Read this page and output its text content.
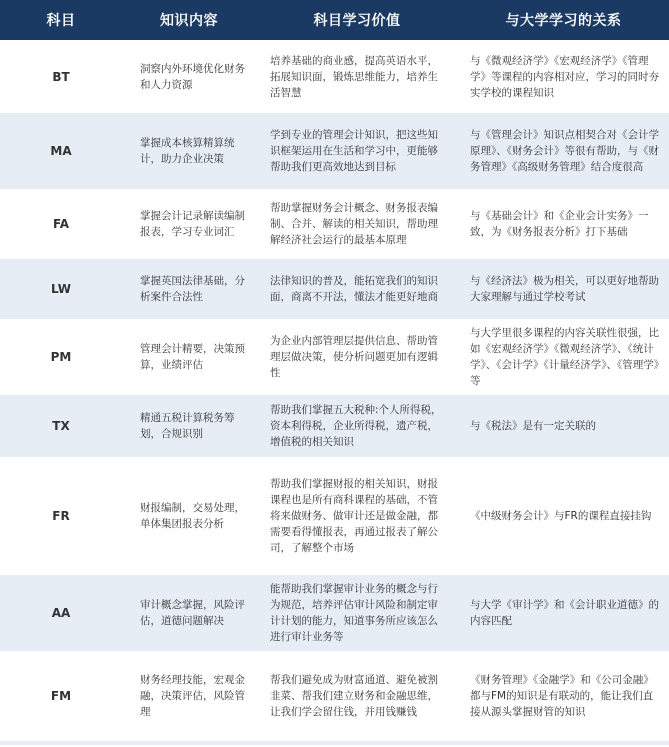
科目	知识内容	科目学习价值	与大学学习的关系
BT	洞察内外环境优化财务和人力资源	培养基础的商业感，提高英语水平，拓展知识面，锻炼思维能力，培养生活智慧	与《微观经济学》《宏观经济学》《管理学》等课程的内容相对应，学习的同时夯实学校的课程知识
MA	掌握成本核算精算统计，助力企业决策	学到专业的管理会计知识，把这些知识框架运用在生活和学习中，更能够帮助我们更高效地达到目标	与《管理会计》知识点相契合对《会计学原理》、《财务会计》等很有帮助，与《财务管理》《高级财务管理》结合度很高
FA	掌握会计记录解读编制报表，学习专业词汇	帮助掌握财务会计概念、财务报表编制、合并、解读的相关知识，帮助理解经济社会运行的最基本原理	与《基础会计》和《企业会计实务》一致，为《财务报表分析》打下基础
LW	掌握英国法律基础，分析案件合法性	法律知识的普及，能拓宽我们的知识面，商离不开法，懂法才能更好地商	与《经济法》极为相关，可以更好地帮助大家理解与通过学校考试
PM	管理会计精要，决策预算，业绩评估	为企业内部管理层提供信息、帮助管理层做决策，使分析问题更加有逻辑性	与大学里很多课程的内容关联性很强，比如《宏观经济学》《微观经济学》、《统计学》、《会计学》《计量经济学》、《管理学》等
TX	精通五税计算税务筹划，合规识别	帮助我们掌握五大税种:个人所得税，资本利得税，企业所得税，遗产税，增值税的相关知识	与《税法》是有一定关联的
FR	财报编制，交易处理，单体集团报表分析	帮助我们掌握财报的相关知识，财报课程也是所有商科课程的基础，不管将来做财务、做审计还是做金融，都需要看得懂报表，再通过报表了解公司，了解整个市场	《中级财务会计》与FR的课程直接挂钩
AA	审计概念掌握，风险评估，道德问题解决	能帮助我们掌握审计业务的概念与行为规范，培养评估审计风险和制定审计计划的能力，知道事务所应该怎么进行审计业务等	与大学《审计学》和《会计职业道德》的内容匹配
FM	财务经理技能，宏观金融，决策评估，风险管理	帮我们避免成为财富通道、避免被割韭菜、帮我们建立财务和金融思维，让我们学会留住钱，并用钱赚钱	《财务管理》《金融学》和《公司金融》都与FM的知识是有联动的，能让我们直接从源头掌握财管的知识
